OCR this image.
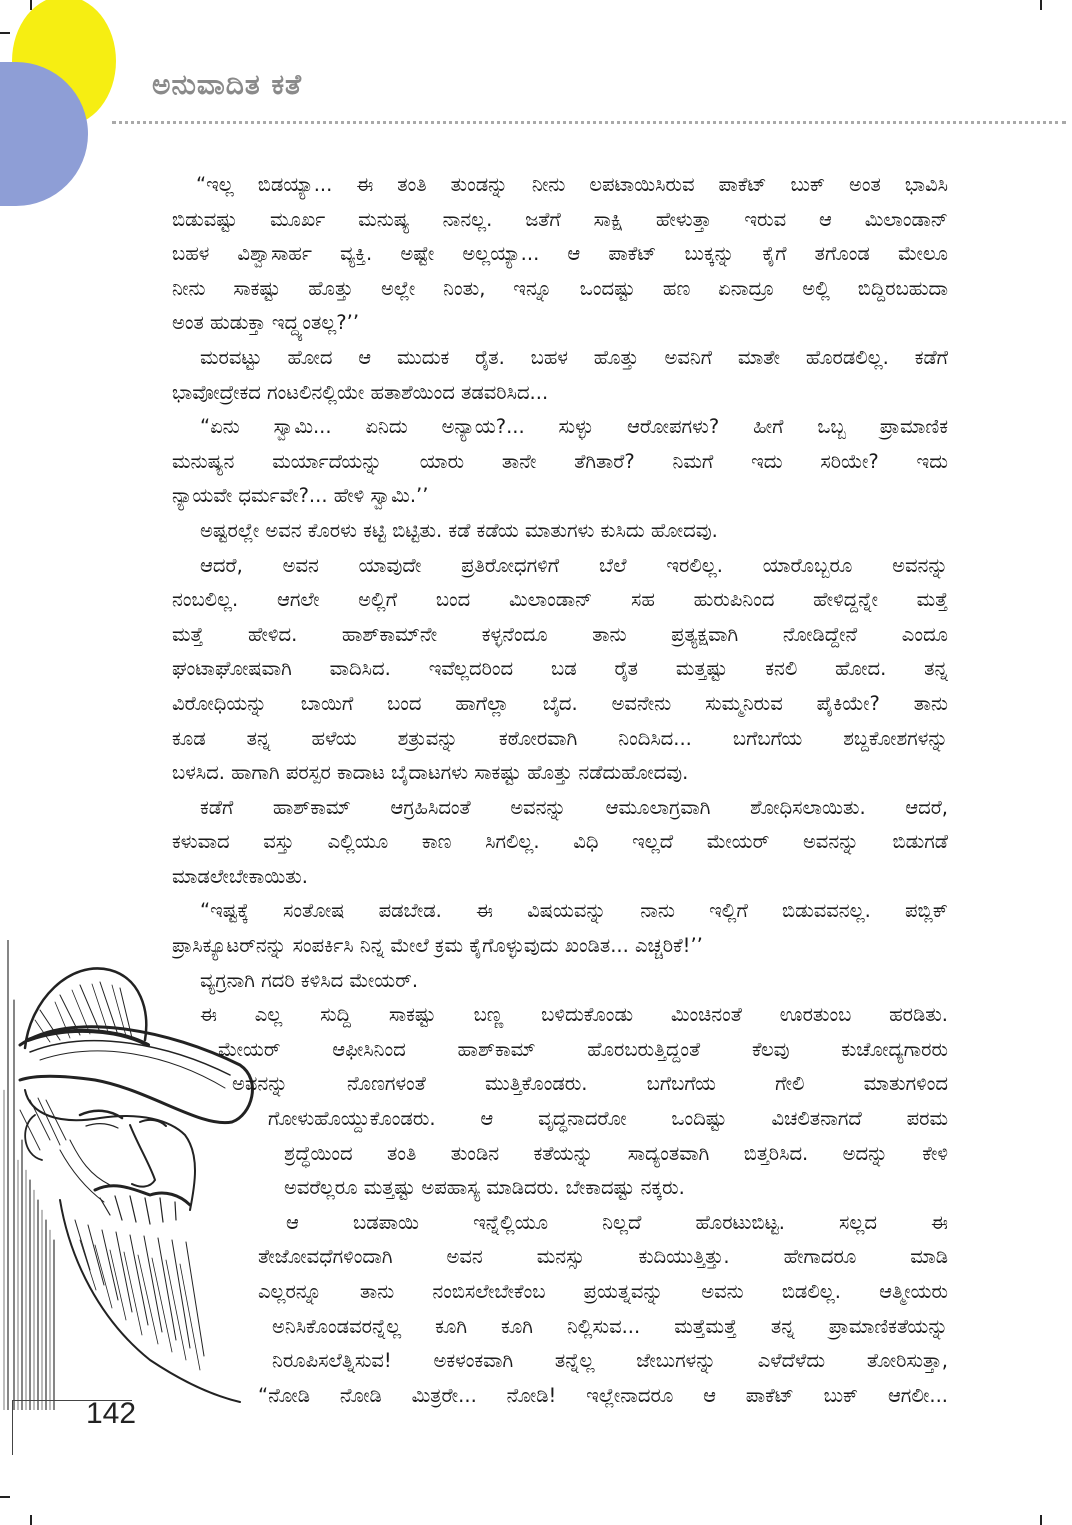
ಅನುವಾದಿತ ಕತೆ
“ಇಲ್ಲ ಬಿಡಯ್ಯಾ... ಈ ತಂತಿ ತುಂಡನ್ನು ನೀನು ಲಪಟಾಯಿಸಿರುವ ಪಾಕೆಟ್ ಬುಕ್ ಅಂತ ಭಾವಿಸಿ
ಬಿಡುವಷ್ಟು ಮೂರ್ಖ ಮನುಷ್ಯ ನಾನಲ್ಲ. ಜತೆಗೆ ಸಾಕ್ಷಿ ಹೇಳುತ್ತಾ ಇರುವ ಆ ಮಿಲಾಂಡಾನ್
ಬಹಳ ವಿಶ್ವಾಸಾರ್ಹ ವ್ಯಕ್ತಿ. ಅಷ್ಟೇ ಅಲ್ಲಯ್ಯಾ... ಆ ಪಾಕೆಟ್ ಬುಕ್ಕನ್ನು ಕೈಗೆ ತಗೊಂಡ ಮೇಲೂ
ನೀನು ಸಾಕಷ್ಟು ಹೊತ್ತು ಅಲ್ಲೇ ನಿಂತು, ಇನ್ನೂ ಒಂದಷ್ಟು ಹಣ ಏನಾದ್ರೂ ಅಲ್ಲಿ ಬಿದ್ದಿರಬಹುದಾ
ಅಂತ ಹುಡುಕ್ತಾ ಇದ್ದ್ಯಂತಲ್ಲ?’’
ಮರವಟ್ಟು ಹೋದ ಆ ಮುದುಕ ರೈತ. ಬಹಳ ಹೊತ್ತು ಅವನಿಗೆ ಮಾತೇ ಹೊರಡಲಿಲ್ಲ. ಕಡೆಗೆ
ಭಾವೋದ್ರೇಕದ ಗಂಟಲಿನಲ್ಲಿಯೇ ಹತಾಶೆಯಿಂದ ತಡವರಿಸಿದ...
“ಏನು ಸ್ವಾಮಿ... ಏನಿದು ಅನ್ಯಾಯ?... ಸುಳ್ಳು ಆರೋಪಗಳು? ಹೀಗೆ ಒಬ್ಬ ಪ್ರಾಮಾಣಿಕ
ಮನುಷ್ಯನ ಮರ್ಯಾದೆಯನ್ನು ಯಾರು ತಾನೇ ತೆಗಿತಾರೆ? ನಿಮಗೆ ಇದು ಸರಿಯೇ? ಇದು
ನ್ಯಾಯವೇ ಧರ್ಮವೇ?... ಹೇಳಿ ಸ್ವಾಮಿ.’’
ಅಷ್ಟರಲ್ಲೇ ಅವನ ಕೊರಳು ಕಟ್ಟಿ ಬಿಟ್ಟಿತು. ಕಡೆ ಕಡೆಯ ಮಾತುಗಳು ಕುಸಿದು ಹೋದವು.
ಆದರೆ, ಅವನ ಯಾವುದೇ ಪ್ರತಿರೋಧಗಳಿಗೆ ಬೆಲೆ ಇರಲಿಲ್ಲ. ಯಾರೊಬ್ಬರೂ ಅವನನ್ನು
ನಂಬಲಿಲ್ಲ. ಆಗಲೇ ಅಲ್ಲಿಗೆ ಬಂದ ಮಿಲಾಂಡಾನ್ ಸಹ ಹುರುಪಿನಿಂದ ಹೇಳಿದ್ದನ್ನೇ ಮತ್ತೆ
ಮತ್ತೆ ಹೇಳಿದ. ಹಾಶ್‌ಕಾಮ್‌ನೇ ಕಳ್ಳನೆಂದೂ ತಾನು ಪ್ರತ್ಯಕ್ಷವಾಗಿ ನೋಡಿದ್ದೇನೆ ಎಂದೂ
ಘಂಟಾಘೋಷವಾಗಿ ವಾದಿಸಿದ. ಇವೆಲ್ಲದರಿಂದ ಬಡ ರೈತ ಮತ್ತಷ್ಟು ಕನಲಿ ಹೋದ. ತನ್ನ
ವಿರೋಧಿಯನ್ನು ಬಾಯಿಗೆ ಬಂದ ಹಾಗೆಲ್ಲಾ ಬೈದ. ಅವನೇನು ಸುಮ್ಮನಿರುವ ಪೈಕಿಯೇ? ತಾನು
ಕೂಡ ತನ್ನ ಹಳೆಯ ಶತ್ರುವನ್ನು ಕಠೋರವಾಗಿ ನಿಂದಿಸಿದ... ಬಗೆಬಗೆಯ ಶಬ್ದಕೋಶಗಳನ್ನು
ಬಳಸಿದ. ಹಾಗಾಗಿ ಪರಸ್ಪರ ಕಾದಾಟ ಬೈದಾಟಗಳು ಸಾಕಷ್ಟು ಹೊತ್ತು ನಡೆದುಹೋದವು.
ಕಡೆಗೆ ಹಾಶ್‌ಕಾಮ್ ಆಗ್ರಹಿಸಿದಂತೆ ಅವನನ್ನು ಆಮೂಲಾಗ್ರವಾಗಿ ಶೋಧಿಸಲಾಯಿತು. ಆದರೆ,
ಕಳುವಾದ ವಸ್ತು ಎಲ್ಲಿಯೂ ಕಾಣ ಸಿಗಲಿಲ್ಲ. ವಿಧಿ ಇಲ್ಲದೆ ಮೇಯರ್ ಅವನನ್ನು ಬಿಡುಗಡೆ
ಮಾಡಲೇಬೇಕಾಯಿತು.
“ಇಷ್ಟಕ್ಕೆ ಸಂತೋಷ ಪಡಬೇಡ. ಈ ವಿಷಯವನ್ನು ನಾನು ಇಲ್ಲಿಗೆ ಬಿಡುವವನಲ್ಲ. ಪಬ್ಲಿಕ್
ಪ್ರಾಸಿಕ್ಯೂಟರ್‌ನನ್ನು ಸಂಪರ್ಕಿಸಿ ನಿನ್ನ ಮೇಲೆ ಕ್ರಮ ಕೈಗೊಳ್ಳುವುದು ಖಂಡಿತ... ಎಚ್ಚರಿಕೆ!’’
ವ್ಯಗ್ರನಾಗಿ ಗದರಿ ಕಳಿಸಿದ ಮೇಯರ್.
ಈ ಎಲ್ಲ ಸುದ್ದಿ ಸಾಕಷ್ಟು ಬಣ್ಣ ಬಳಿದುಕೊಂಡು ಮಿಂಚಿನಂತೆ ಊರತುಂಬ ಹರಡಿತು.
ಮೇಯರ್ ಆಫೀಸಿನಿಂದ ಹಾಶ್‌ಕಾಮ್ ಹೊರಬರುತ್ತಿದ್ದಂತೆ ಕೆಲವು ಕುಚೋದ್ಯಗಾರರು
ಅವನನ್ನು ನೊಣಗಳಂತೆ ಮುತ್ತಿಕೊಂಡರು. ಬಗೆಬಗೆಯ ಗೇಲಿ ಮಾತುಗಳಿಂದ
ಗೋಳುಹೊಯ್ದುಕೊಂಡರು. ಆ ವೃದ್ಧನಾದರೋ ಒಂದಿಷ್ಟು ವಿಚಲಿತನಾಗದೆ ಪರಮ
ಶ್ರದ್ಧೆಯಿಂದ ತಂತಿ ತುಂಡಿನ ಕತೆಯನ್ನು ಸಾದ್ಯಂತವಾಗಿ ಬಿತ್ತರಿಸಿದ. ಅದನ್ನು ಕೇಳಿ
ಅವರೆಲ್ಲರೂ ಮತ್ತಷ್ಟು ಅಪಹಾಸ್ಯ ಮಾಡಿದರು. ಬೇಕಾದಷ್ಟು ನಕ್ಕರು.
ಆ ಬಡಪಾಯಿ ಇನ್ನೆಲ್ಲಿಯೂ ನಿಲ್ಲದೆ ಹೊರಟುಬಿಟ್ಟ. ಸಲ್ಲದ ಈ
ತೇಜೋವಧೆಗಳಿಂದಾಗಿ ಅವನ ಮನಸ್ಸು ಕುದಿಯುತ್ತಿತ್ತು. ಹೇಗಾದರೂ ಮಾಡಿ
ಎಲ್ಲರನ್ನೂ ತಾನು ನಂಬಿಸಲೇಬೇಕೆಂಬ ಪ್ರಯತ್ನವನ್ನು ಅವನು ಬಿಡಲಿಲ್ಲ. ಆತ್ಮೀಯರು
ಅನಿಸಿಕೊಂಡವರನ್ನೆಲ್ಲ ಕೂಗಿ ಕೂಗಿ ನಿಲ್ಲಿಸುವ... ಮತ್ತೆಮತ್ತೆ ತನ್ನ ಪ್ರಾಮಾಣಿಕತೆಯನ್ನು
ನಿರೂಪಿಸಲೆತ್ನಿಸುವ! ಅಕಳಂಕವಾಗಿ ತನ್ನೆಲ್ಲ ಜೇಬುಗಳನ್ನು ಎಳೆದೆಳೆದು ತೋರಿಸುತ್ತಾ,
“ನೋಡಿ ನೋಡಿ ಮಿತ್ರರೇ... ನೋಡಿ! ಇಲ್ಲೇನಾದರೂ ಆ ಪಾಕೆಟ್ ಬುಕ್ ಆಗಲೀ...
142
